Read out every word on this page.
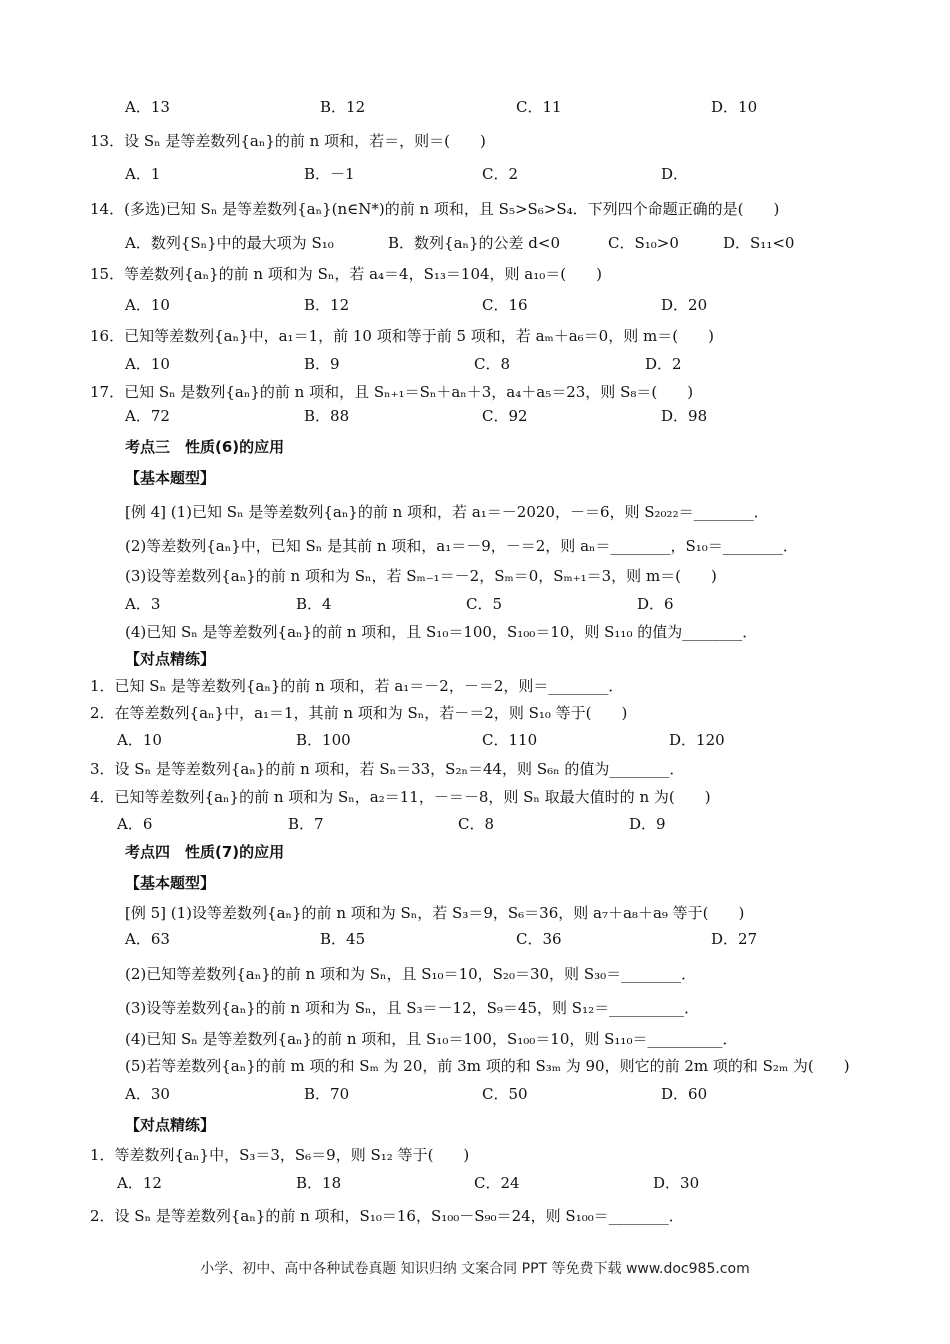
A．13	B．12	C．11	D．10
13．设 Sₙ 是等差数列{aₙ}的前 n 项和，若＝，则＝(　　)
A．1	B．－1	C．2	D．
14．(多选)已知 Sₙ 是等差数列{aₙ}(n∈N*)的前 n 项和，且 S₅>S₆>S₄．下列四个命题正确的是(　　)
A．数列{Sₙ}中的最大项为 S₁₀	B．数列{aₙ}的公差 d<0	C．S₁₀>0	D．S₁₁<0
15．等差数列{aₙ}的前 n 项和为 Sₙ，若 a₄＝4，S₁₃＝104，则 a₁₀＝(　　)
A．10	B．12	C．16	D．20
16．已知等差数列{aₙ}中，a₁＝1，前 10 项和等于前 5 项和，若 aₘ＋a₆＝0，则 m＝(　　)
A．10	B．9	C．8	D．2
17．已知 Sₙ 是数列{aₙ}的前 n 项和，且 Sₙ₊₁＝Sₙ＋aₙ＋3，a₄＋a₅＝23，则 S₈＝(　　)
A．72	B．88	C．92	D．98
考点三　性质(6)的应用
【基本题型】
[例 4] (1)已知 Sₙ 是等差数列{aₙ}的前 n 项和，若 a₁＝－2020，－＝6，则 S₂₀₂₂＝________．
(2)等差数列{aₙ}中，已知 Sₙ 是其前 n 项和，a₁＝－9，－＝2，则 aₙ＝________，S₁₀＝________．
(3)设等差数列{aₙ}的前 n 项和为 Sₙ，若 Sₘ₋₁＝－2，Sₘ＝0，Sₘ₊₁＝3，则 m＝(　　)
A．3	B．4	C．5	D．6
(4)已知 Sₙ 是等差数列{aₙ}的前 n 项和，且 S₁₀＝100，S₁₀₀＝10，则 S₁₁₀ 的值为________．
【对点精练】
1．已知 Sₙ 是等差数列{aₙ}的前 n 项和，若 a₁＝－2，－＝2，则＝________．
2．在等差数列{aₙ}中，a₁＝1，其前 n 项和为 Sₙ，若－＝2，则 S₁₀ 等于(　　)
A．10	B．100	C．110	D．120
3．设 Sₙ 是等差数列{aₙ}的前 n 项和，若 Sₙ＝33，S₂ₙ＝44，则 S₆ₙ 的值为________．
4．已知等差数列{aₙ}的前 n 项和为 Sₙ，a₂＝11，－＝－8，则 Sₙ 取最大值时的 n 为(　　)
A．6	B．7	C．8	D．9
考点四　性质(7)的应用
【基本题型】
[例 5] (1)设等差数列{aₙ}的前 n 项和为 Sₙ，若 S₃＝9，S₆＝36，则 a₇＋a₈＋a₉ 等于(　　)
A．63	B．45	C．36	D．27
(2)已知等差数列{aₙ}的前 n 项和为 Sₙ，且 S₁₀＝10，S₂₀＝30，则 S₃₀＝________．
(3)设等差数列{aₙ}的前 n 项和为 Sₙ，且 S₃＝－12，S₉＝45，则 S₁₂＝__________．
(4)已知 Sₙ 是等差数列{aₙ}的前 n 项和，且 S₁₀＝100，S₁₀₀＝10，则 S₁₁₀＝__________．
(5)若等差数列{aₙ}的前 m 项的和 Sₘ 为 20，前 3m 项的和 S₃ₘ 为 90，则它的前 2m 项的和 S₂ₘ 为(　　)
A．30	B．70	C．50	D．60
【对点精练】
1．等差数列{aₙ}中，S₃＝3，S₆＝9，则 S₁₂ 等于(　　)
A．12	B．18	C．24	D．30
2．设 Sₙ 是等差数列{aₙ}的前 n 项和，S₁₀＝16，S₁₀₀－S₉₀＝24，则 S₁₀₀＝________．
小学、初中、高中各种试卷真题 知识归纳 文案合同 PPT 等免费下载 www.doc985.com
